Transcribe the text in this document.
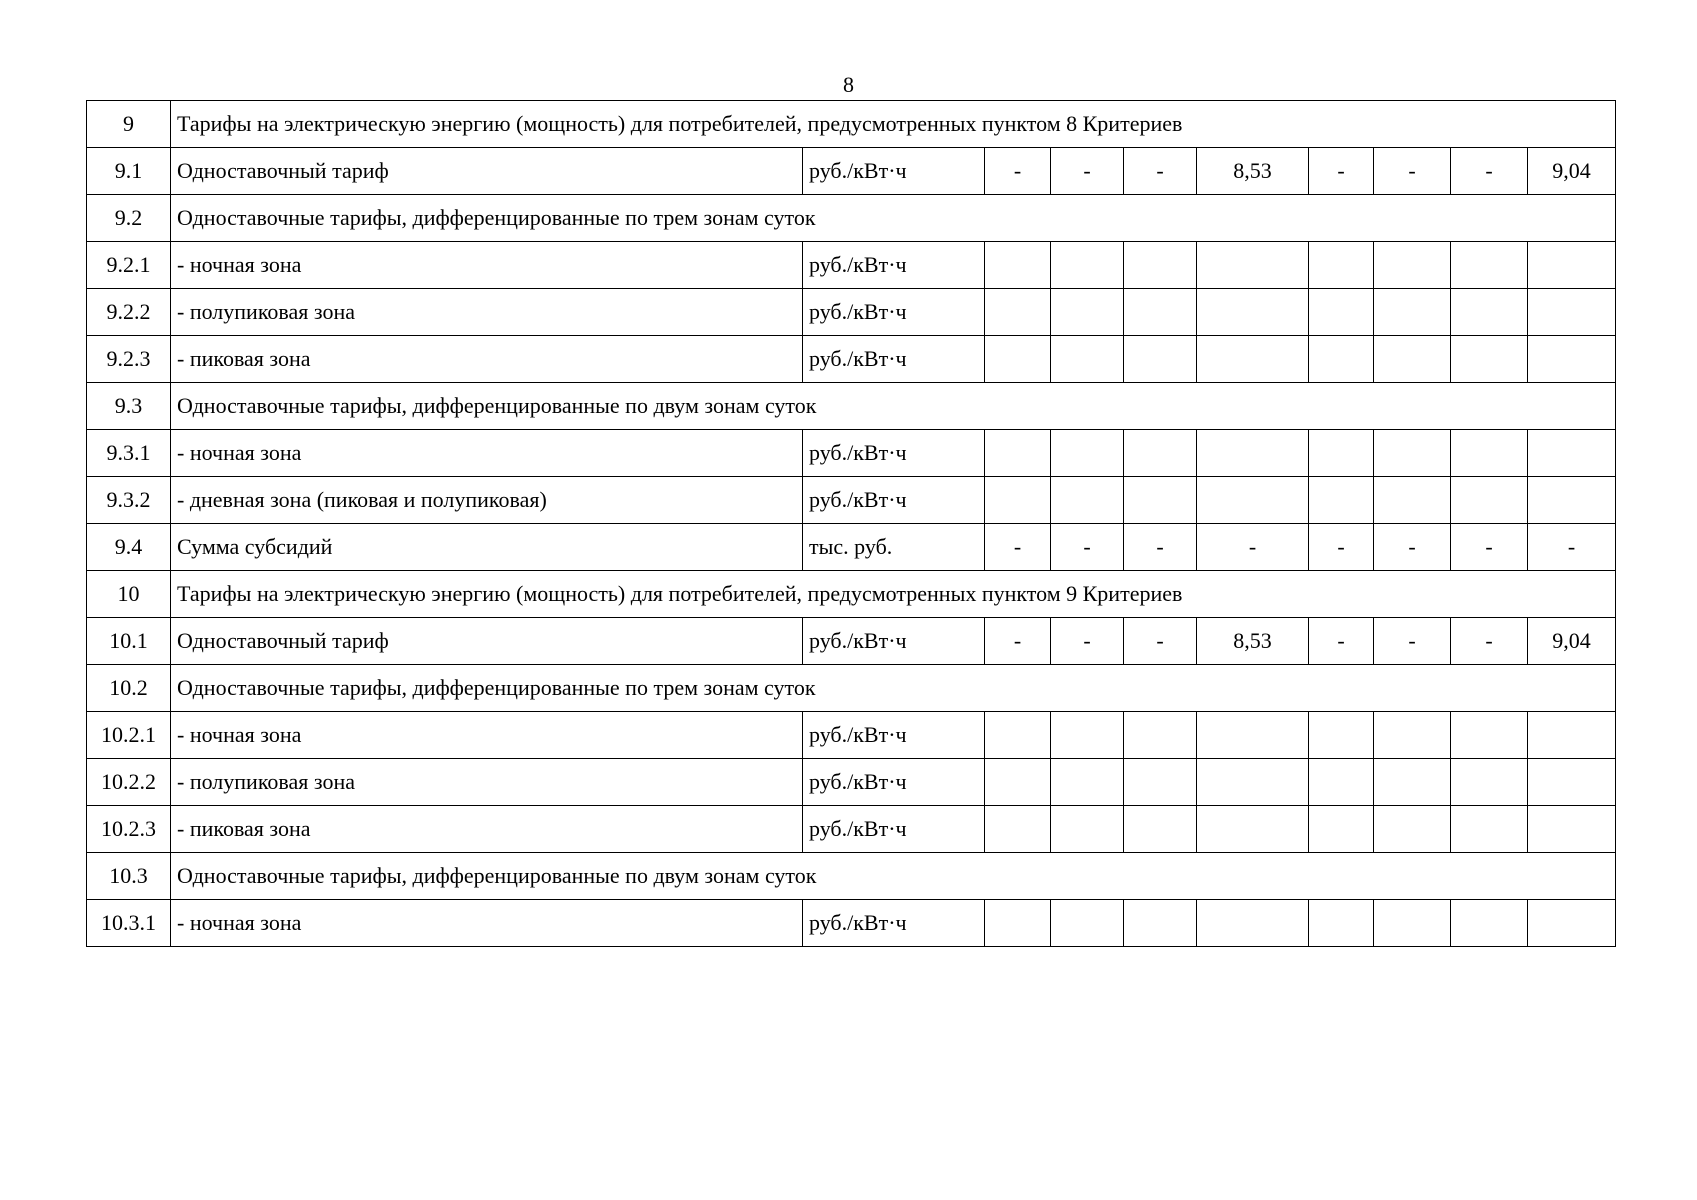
8
9	Тарифы на электрическую энергию (мощность) для потребителей, предусмотренных пунктом 8 Критериев									
9.1	Одноставочный тариф	руб./кВт·ч	-	-	-	8,53	-	-	-	9,04
9.2	Одноставочные тарифы, дифференцированные по трем зонам суток									
9.2.1	- ночная зона	руб./кВт·ч								
9.2.2	- полупиковая зона	руб./кВт·ч								
9.2.3	- пиковая зона	руб./кВт·ч								
9.3	Одноставочные тарифы, дифференцированные по двум зонам суток									
9.3.1	- ночная зона	руб./кВт·ч								
9.3.2	- дневная зона (пиковая и полупиковая)	руб./кВт·ч								
9.4	Сумма субсидий	тыс. руб.	-	-	-	-	-	-	-	-
10	Тарифы на электрическую энергию (мощность) для потребителей, предусмотренных пунктом 9 Критериев									
10.1	Одноставочный тариф	руб./кВт·ч	-	-	-	8,53	-	-	-	9,04
10.2	Одноставочные тарифы, дифференцированные по трем зонам суток									
10.2.1	- ночная зона	руб./кВт·ч								
10.2.2	- полупиковая зона	руб./кВт·ч								
10.2.3	- пиковая зона	руб./кВт·ч								
10.3	Одноставочные тарифы, дифференцированные по двум зонам суток									
10.3.1	- ночная зона	руб./кВт·ч								
